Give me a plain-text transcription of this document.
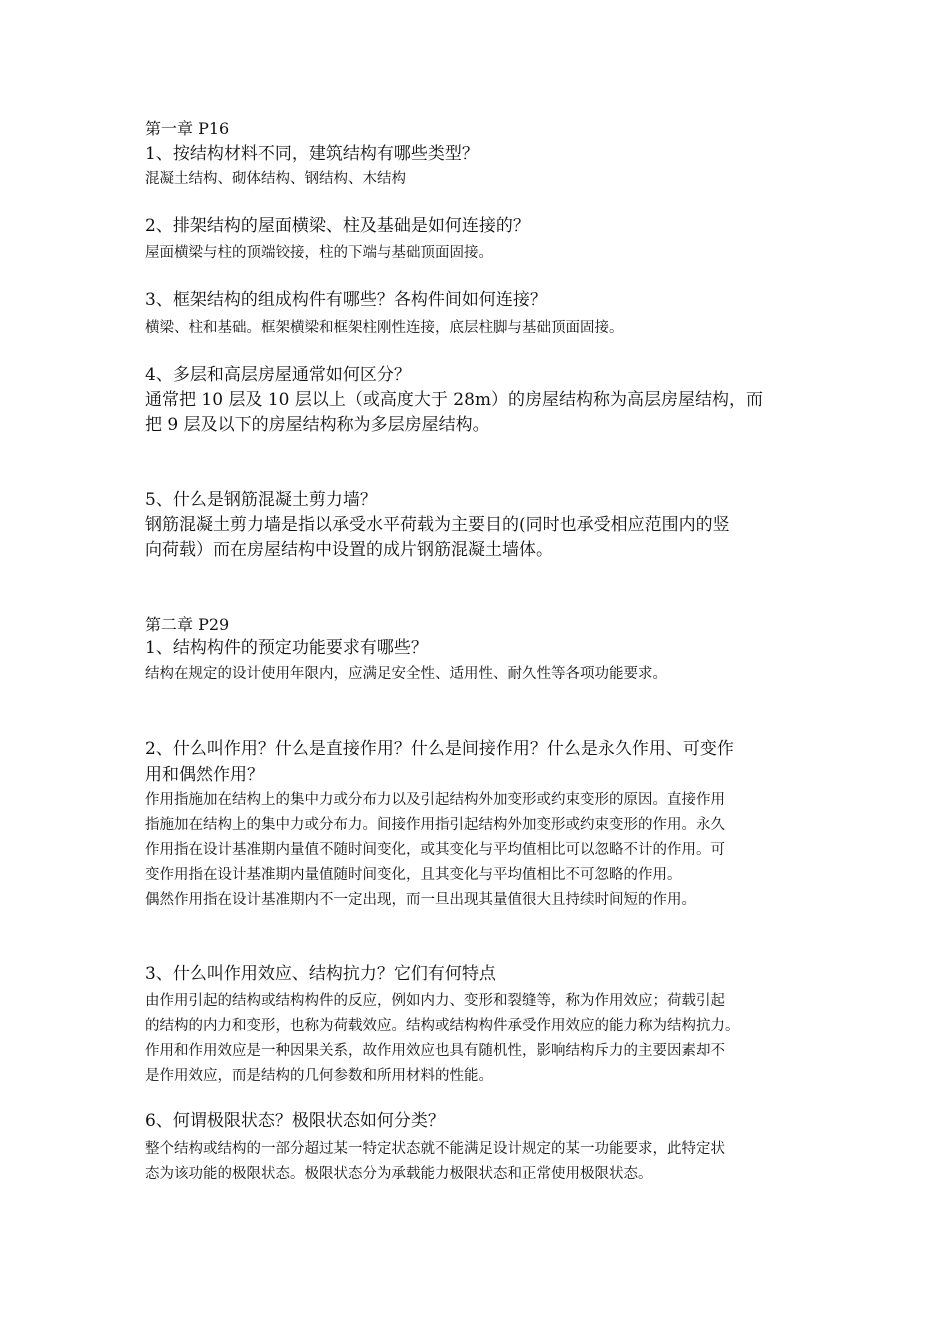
第一章 P16
1、按结构材料不同，建筑结构有哪些类型？
混凝土结构、砌体结构、钢结构、木结构
2、排架结构的屋面横梁、柱及基础是如何连接的？
屋面横梁与柱的顶端铰接，柱的下端与基础顶面固接。
3、框架结构的组成构件有哪些？各构件间如何连接？
横梁、柱和基础。框架横梁和框架柱刚性连接，底层柱脚与基础顶面固接。
4、多层和高层房屋通常如何区分？
通常把 10 层及 10 层以上（或高度大于 28m）的房屋结构称为高层房屋结构，而
把 9 层及以下的房屋结构称为多层房屋结构。
5、什么是钢筋混凝土剪力墙？
钢筋混凝土剪力墙是指以承受水平荷载为主要目的(同时也承受相应范围内的竖
向荷载）而在房屋结构中设置的成片钢筋混凝土墙体。
第二章 P29
1、结构构件的预定功能要求有哪些？
结构在规定的设计使用年限内，应满足安全性、适用性、耐久性等各项功能要求。
2、什么叫作用？什么是直接作用？什么是间接作用？什么是永久作用、可变作
用和偶然作用？
作用指施加在结构上的集中力或分布力以及引起结构外加变形或约束变形的原因。直接作用
指施加在结构上的集中力或分布力。间接作用指引起结构外加变形或约束变形的作用。永久
作用指在设计基准期内量值不随时间变化，或其变化与平均值相比可以忽略不计的作用。可
变作用指在设计基准期内量值随时间变化，且其变化与平均值相比不可忽略的作用。
偶然作用指在设计基准期内不一定出现，而一旦出现其量值很大且持续时间短的作用。
3、什么叫作用效应、结构抗力？它们有何特点
由作用引起的结构或结构构件的反应，例如内力、变形和裂缝等，称为作用效应；荷载引起
的结构的内力和变形，也称为荷载效应。结构或结构构件承受作用效应的能力称为结构抗力。
作用和作用效应是一种因果关系，故作用效应也具有随机性，影响结构斥力的主要因素却不
是作用效应，而是结构的几何参数和所用材料的性能。
6、何谓极限状态？极限状态如何分类？
整个结构或结构的一部分超过某一特定状态就不能满足设计规定的某一功能要求，此特定状
态为该功能的极限状态。极限状态分为承载能力极限状态和正常使用极限状态。
